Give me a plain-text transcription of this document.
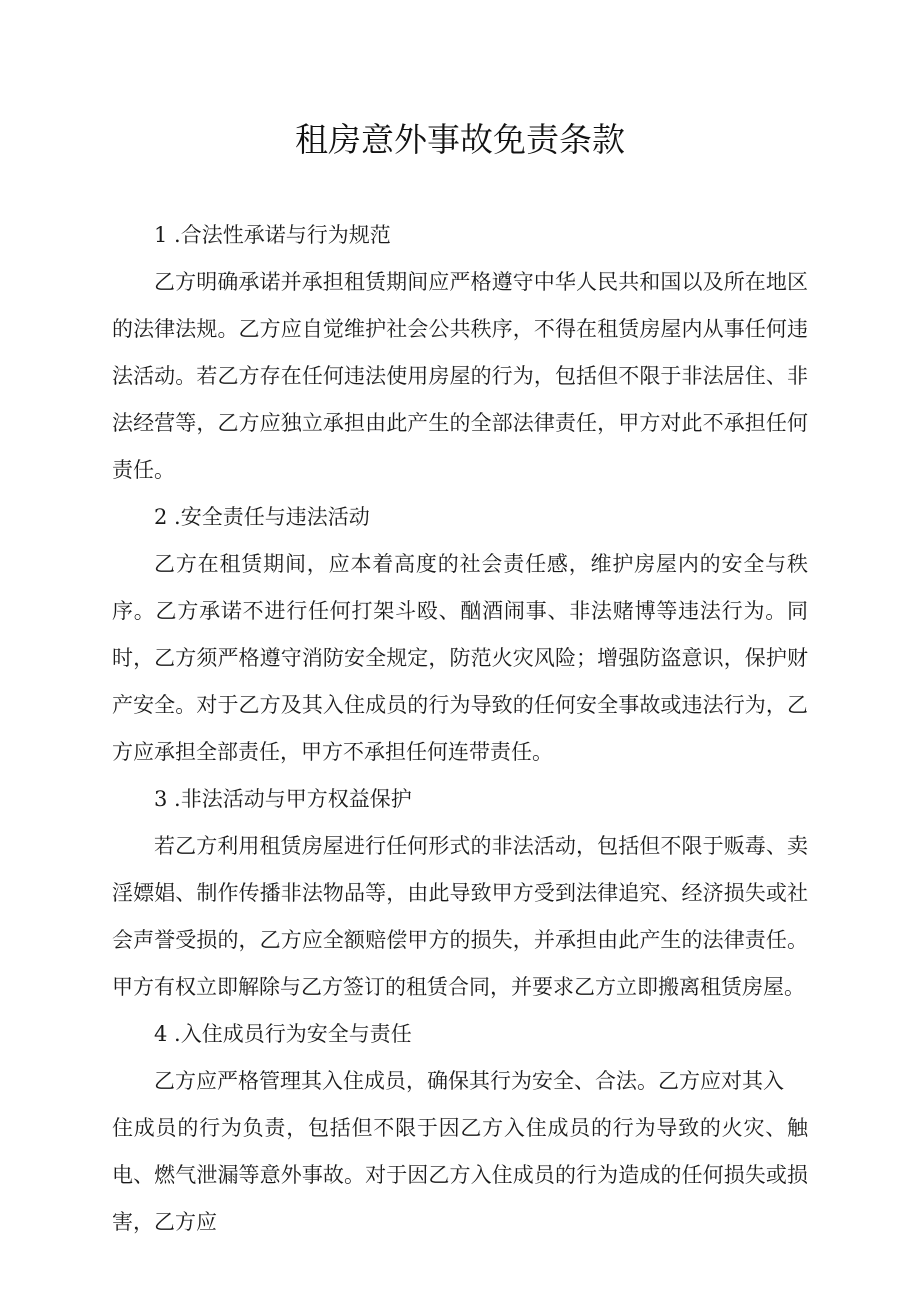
租房意外事故免责条款

1 .合法性承诺与行为规范

乙方明确承诺并承担租赁期间应严格遵守中华人民共和国以及所在地区的法律法规。乙方应自觉维护社会公共秩序，不得在租赁房屋内从事任何违法活动。若乙方存在任何违法使用房屋的行为，包括但不限于非法居住、非法经营等，乙方应独立承担由此产生的全部法律责任，甲方对此不承担任何责任。

2 .安全责任与违法活动

乙方在租赁期间，应本着高度的社会责任感，维护房屋内的安全与秩序。乙方承诺不进行任何打架斗殴、酗酒闹事、非法赌博等违法行为。同时，乙方须严格遵守消防安全规定，防范火灾风险；增强防盗意识，保护财产安全。对于乙方及其入住成员的行为导致的任何安全事故或违法行为，乙方应承担全部责任，甲方不承担任何连带责任。

3 .非法活动与甲方权益保护

若乙方利用租赁房屋进行任何形式的非法活动，包括但不限于贩毒、卖淫嫖娼、制作传播非法物品等，由此导致甲方受到法律追究、经济损失或社会声誉受损的，乙方应全额赔偿甲方的损失，并承担由此产生的法律责任。甲方有权立即解除与乙方签订的租赁合同，并要求乙方立即搬离租赁房屋。

4 .入住成员行为安全与责任

乙方应严格管理其入住成员，确保其行为安全、合法。乙方应对其入

住成员的行为负责，包括但不限于因乙方入住成员的行为导致的火灾、触电、燃气泄漏等意外事故。对于因乙方入住成员的行为造成的任何损失或损害，乙方应
